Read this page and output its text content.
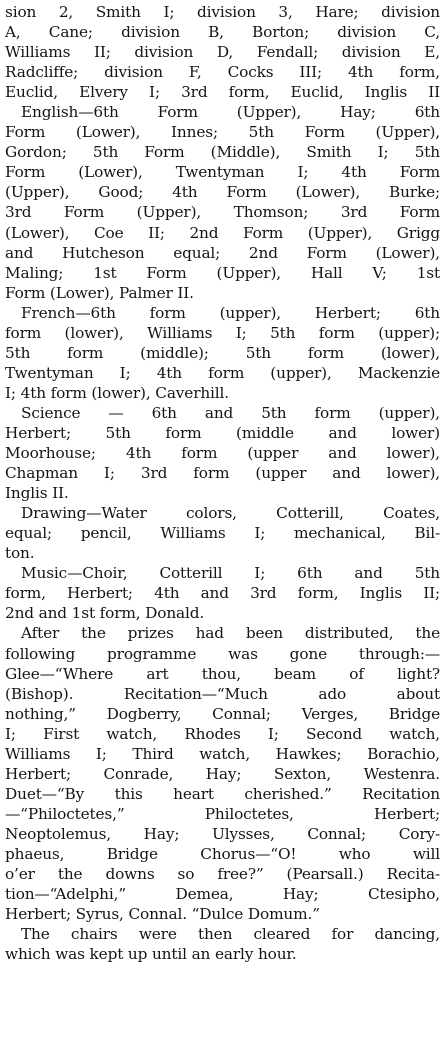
sion 2, Smith I; division 3, Hare; division
A, Cane; division B, Borton; division C,
Williams II; division D, Fendall; division E,
Radcliffe; division F, Cocks III; 4th form,
Euclid, Elvery I; 3rd form, Euclid, Inglis II
English—6th Form (Upper), Hay; 6th
Form (Lower), Innes; 5th Form (Upper),
Gordon; 5th Form (Middle), Smith I; 5th
Form (Lower), Twentyman I; 4th Form
(Upper), Good; 4th Form (Lower), Burke;
3rd Form (Upper), Thomson; 3rd Form
(Lower), Coe II; 2nd Form (Upper), Grigg
and Hutcheson equal; 2nd Form (Lower),
Maling; 1st Form (Upper), Hall V; 1st
Form (Lower), Palmer II.
French—6th form (upper), Herbert; 6th
form (lower), Williams I; 5th form (upper);
5th form (middle); 5th form (lower),
Twentyman I; 4th form (upper), Mackenzie
I; 4th form (lower), Caverhill.
Science — 6th and 5th form (upper),
Herbert; 5th form (middle and lower)
Moorhouse; 4th form (upper and lower),
Chapman I; 3rd form (upper and lower),
Inglis II.
Drawing—Water colors, Cotterill, Coates,
equal; pencil, Williams I; mechanical, Bil-
ton.
Music—Choir, Cotterill I; 6th and 5th
form, Herbert; 4th and 3rd form, Inglis II;
2nd and 1st form, Donald.
After the prizes had been distributed, the
following programme was gone through:—
Glee—“Where art thou, beam of light?
(Bishop). Recitation—“Much ado about
nothing,” Dogberry, Connal; Verges, Bridge
I; First watch, Rhodes I; Second watch,
Williams I; Third watch, Hawkes; Borachio,
Herbert; Conrade, Hay; Sexton, Westenra.
Duet—“By this heart cherished.” Recitation
—“Philoctetes,” Philoctetes, Herbert;
Neoptolemus, Hay; Ulysses, Connal; Cory-
phaeus, Bridge Chorus—“O! who will
o’er the downs so free?” (Pearsall.) Recita-
tion—“Adelphi,” Demea, Hay; Ctesipho,
Herbert; Syrus, Connal. “Dulce Domum.”
The chairs were then cleared for dancing,
which was kept up until an early hour.
